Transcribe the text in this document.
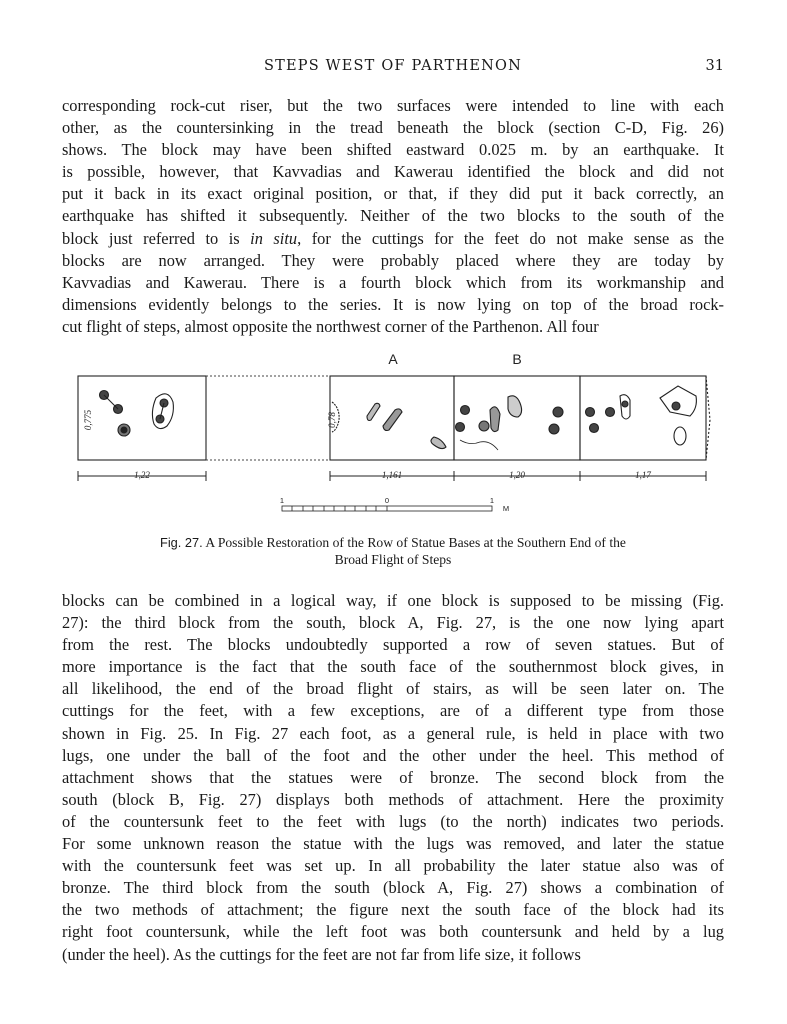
STEPS WEST OF PARTHENON	31
corresponding rock-cut riser, but the two surfaces were intended to line with each
other, as the countersinking in the tread beneath the block (section C-D, Fig. 26)
shows. The block may have been shifted eastward 0.025 m. by an earthquake. It
is possible, however, that Kavvadias and Kawerau identified the block and did not
put it back in its exact original position, or that, if they did put it back correctly, an
earthquake has shifted it subsequently. Neither of the two blocks to the south of the
block just referred to is in situ, for the cuttings for the feet do not make sense as the
blocks are now arranged. They were probably placed where they are today by
Kavvadias and Kawerau. There is a fourth block which from its workmanship and
dimensions evidently belongs to the series. It is now lying on top of the broad rock-
cut flight of steps, almost opposite the northwest corner of the Parthenon. All four
A	B
0,775	0,78
1,22	1,161	1,20	1,17
1	0	1
M
Fig. 27. A Possible Restoration of the Row of Statue Bases at the Southern End of the
Broad Flight of Steps
blocks can be combined in a logical way, if one block is supposed to be missing (Fig.
27): the third block from the south, block A, Fig. 27, is the one now lying apart
from the rest. The blocks undoubtedly supported a row of seven statues. But of
more importance is the fact that the south face of the southernmost block gives, in
all likelihood, the end of the broad flight of stairs, as will be seen later on. The
cuttings for the feet, with a few exceptions, are of a different type from those
shown in Fig. 25. In Fig. 27 each foot, as a general rule, is held in place with two
lugs, one under the ball of the foot and the other under the heel. This method of
attachment shows that the statues were of bronze. The second block from the
south (block B, Fig. 27) displays both methods of attachment. Here the proximity
of the countersunk feet to the feet with lugs (to the north) indicates two periods.
For some unknown reason the statue with the lugs was removed, and later the statue
with the countersunk feet was set up. In all probability the later statue also was of
bronze. The third block from the south (block A, Fig. 27) shows a combination of
the two methods of attachment; the figure next the south face of the block had its
right foot countersunk, while the left foot was both countersunk and held by a lug
(under the heel). As the cuttings for the feet are not far from life size, it follows
